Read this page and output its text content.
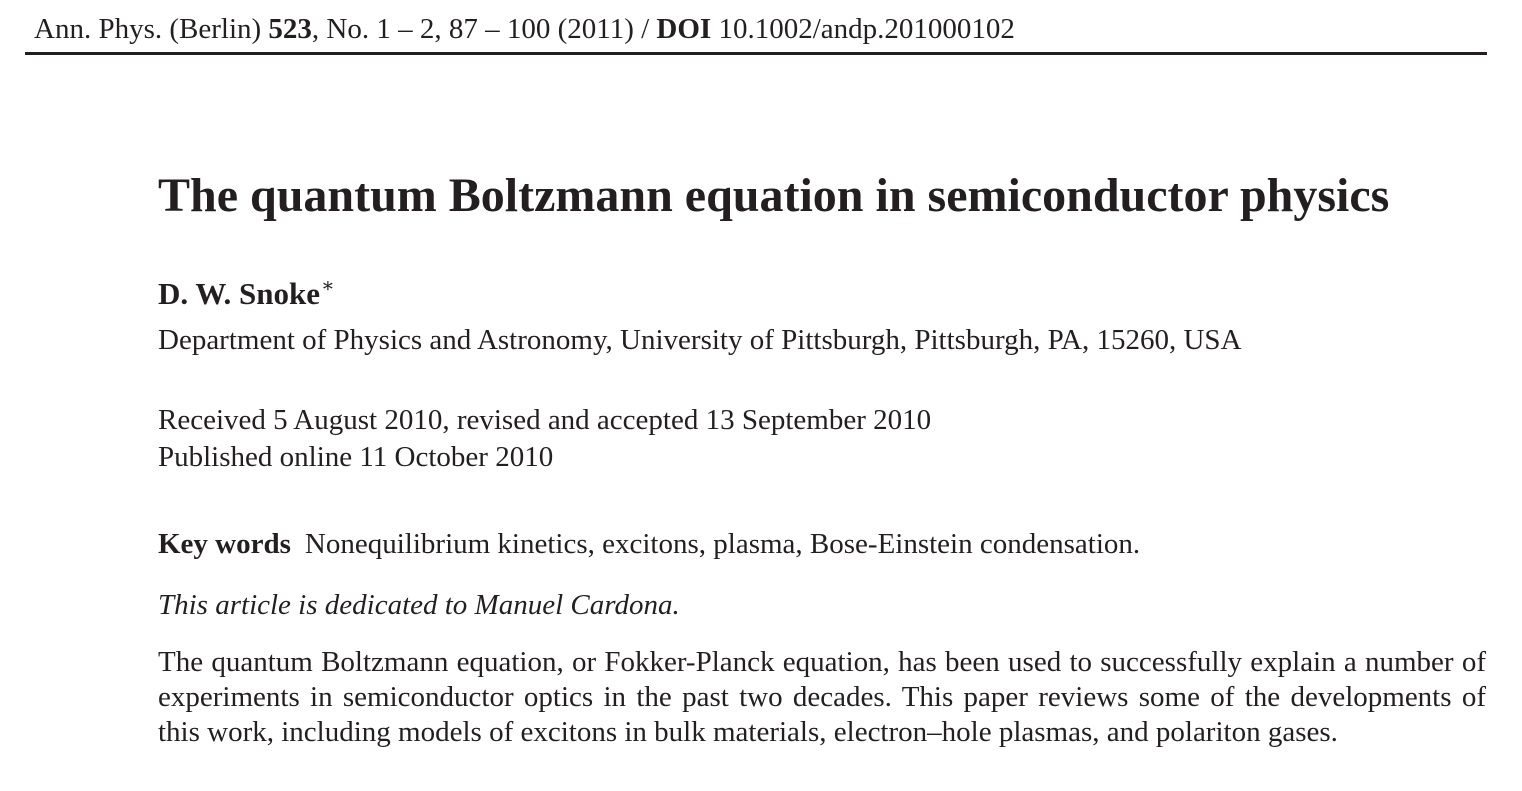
Ann. Phys. (Berlin) 523, No. 1 – 2, 87 – 100 (2011) / DOI 10.1002/andp.201000102
The quantum Boltzmann equation in semiconductor physics
D. W. Snoke∗
Department of Physics and Astronomy, University of Pittsburgh, Pittsburgh, PA, 15260, USA
Received 5 August 2010, revised and accepted 13 September 2010
Published online 11 October 2010
Key words Nonequilibrium kinetics, excitons, plasma, Bose-Einstein condensation.
This article is dedicated to Manuel Cardona.

The quantum Boltzmann equation, or Fokker-Planck equation, has been used to successfully explain a number of experiments in semiconductor optics in the past two decades. This paper reviews some of the developments of this work, including models of excitons in bulk materials, electron–hole plasmas, and polariton gases.
